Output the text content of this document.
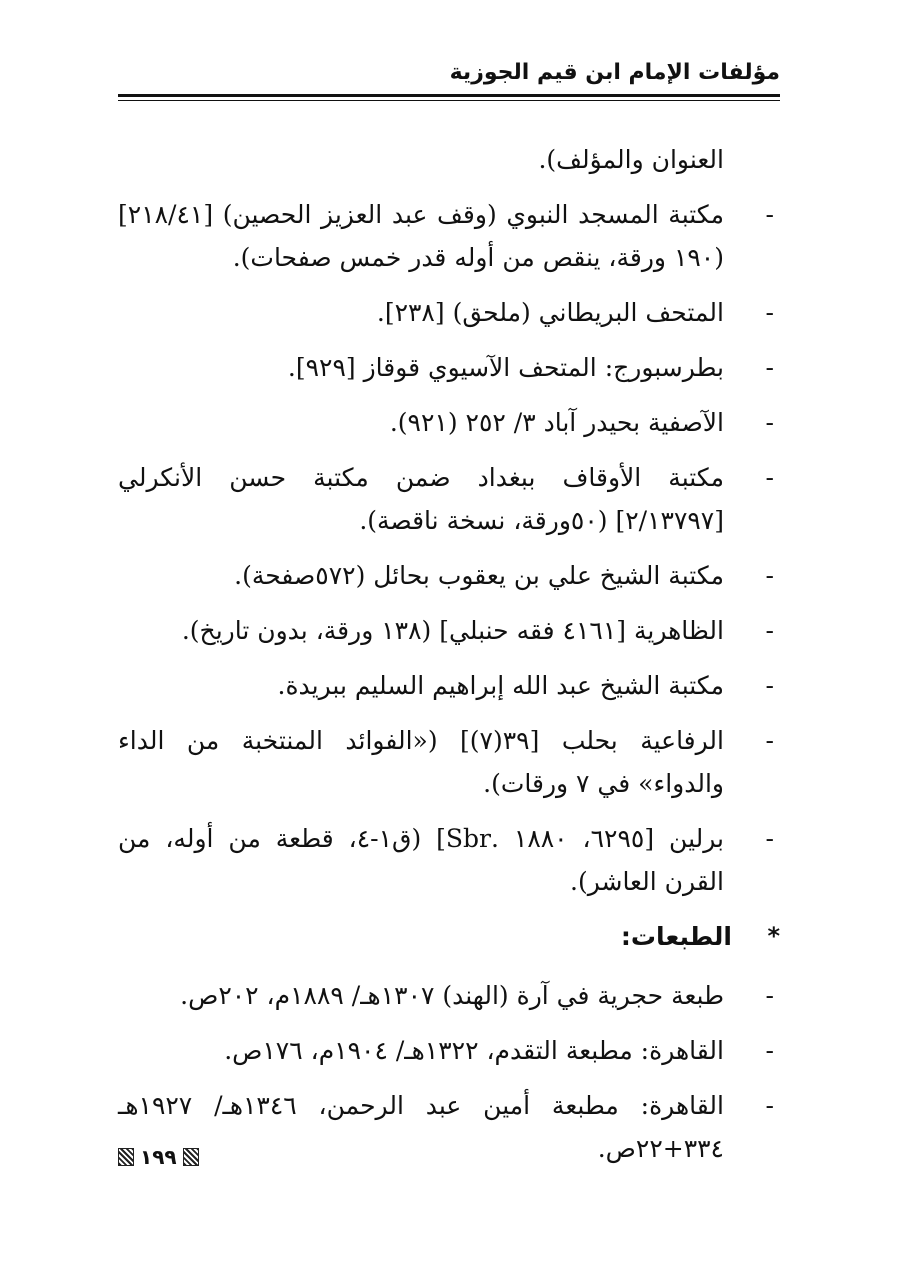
مؤلفات الإمام ابن قيم الجوزية

العنوان والمؤلف).

-
مكتبة المسجد النبوي (وقف عبد العزيز الحصين) [٢١٨/٤١] (١٩٠ ورقة، ينقص من أوله قدر خمس صفحات).
-
المتحف البريطاني (ملحق) [٢٣٨].
-
بطرسبورج: المتحف الآسيوي قوقاز [٩٢٩].
-
الآصفية بحيدر آباد ٣/ ٢٥٢ (٩٢١).
-
مكتبة الأوقاف ببغداد ضمن مكتبة حسن الأنكرلي [٢/١٣٧٩٧] (٥٠ورقة، نسخة ناقصة).
-
مكتبة الشيخ علي بن يعقوب بحائل (٥٧٢صفحة).
-
الظاهرية [٤١٦١ فقه حنبلي] (١٣٨ ورقة، بدون تاريخ).
-
مكتبة الشيخ عبد الله إبراهيم السليم ببريدة.
-
الرفاعية بحلب [٣٩(٧)] («الفوائد المنتخبة من الداء والدواء» في ٧ ورقات).
-
برلين [٦٢٩٥، ١٨٨٠ .Sbr] (ق١-٤، قطعة من أوله، من القرن العاشر).
*
الطبعات:
-
طبعة حجرية في آرة (الهند) ١٣٠٧هـ/ ١٨٨٩م، ٢٠٢ص.
-
القاهرة: مطبعة التقدم، ١٣٢٢هـ/ ١٩٠٤م، ١٧٦ص.
-
القاهرة: مطبعة أمين عبد الرحمن، ١٣٤٦هـ/ ١٩٢٧هـ ٣٣٤+٢٢ص.
١٩٩
